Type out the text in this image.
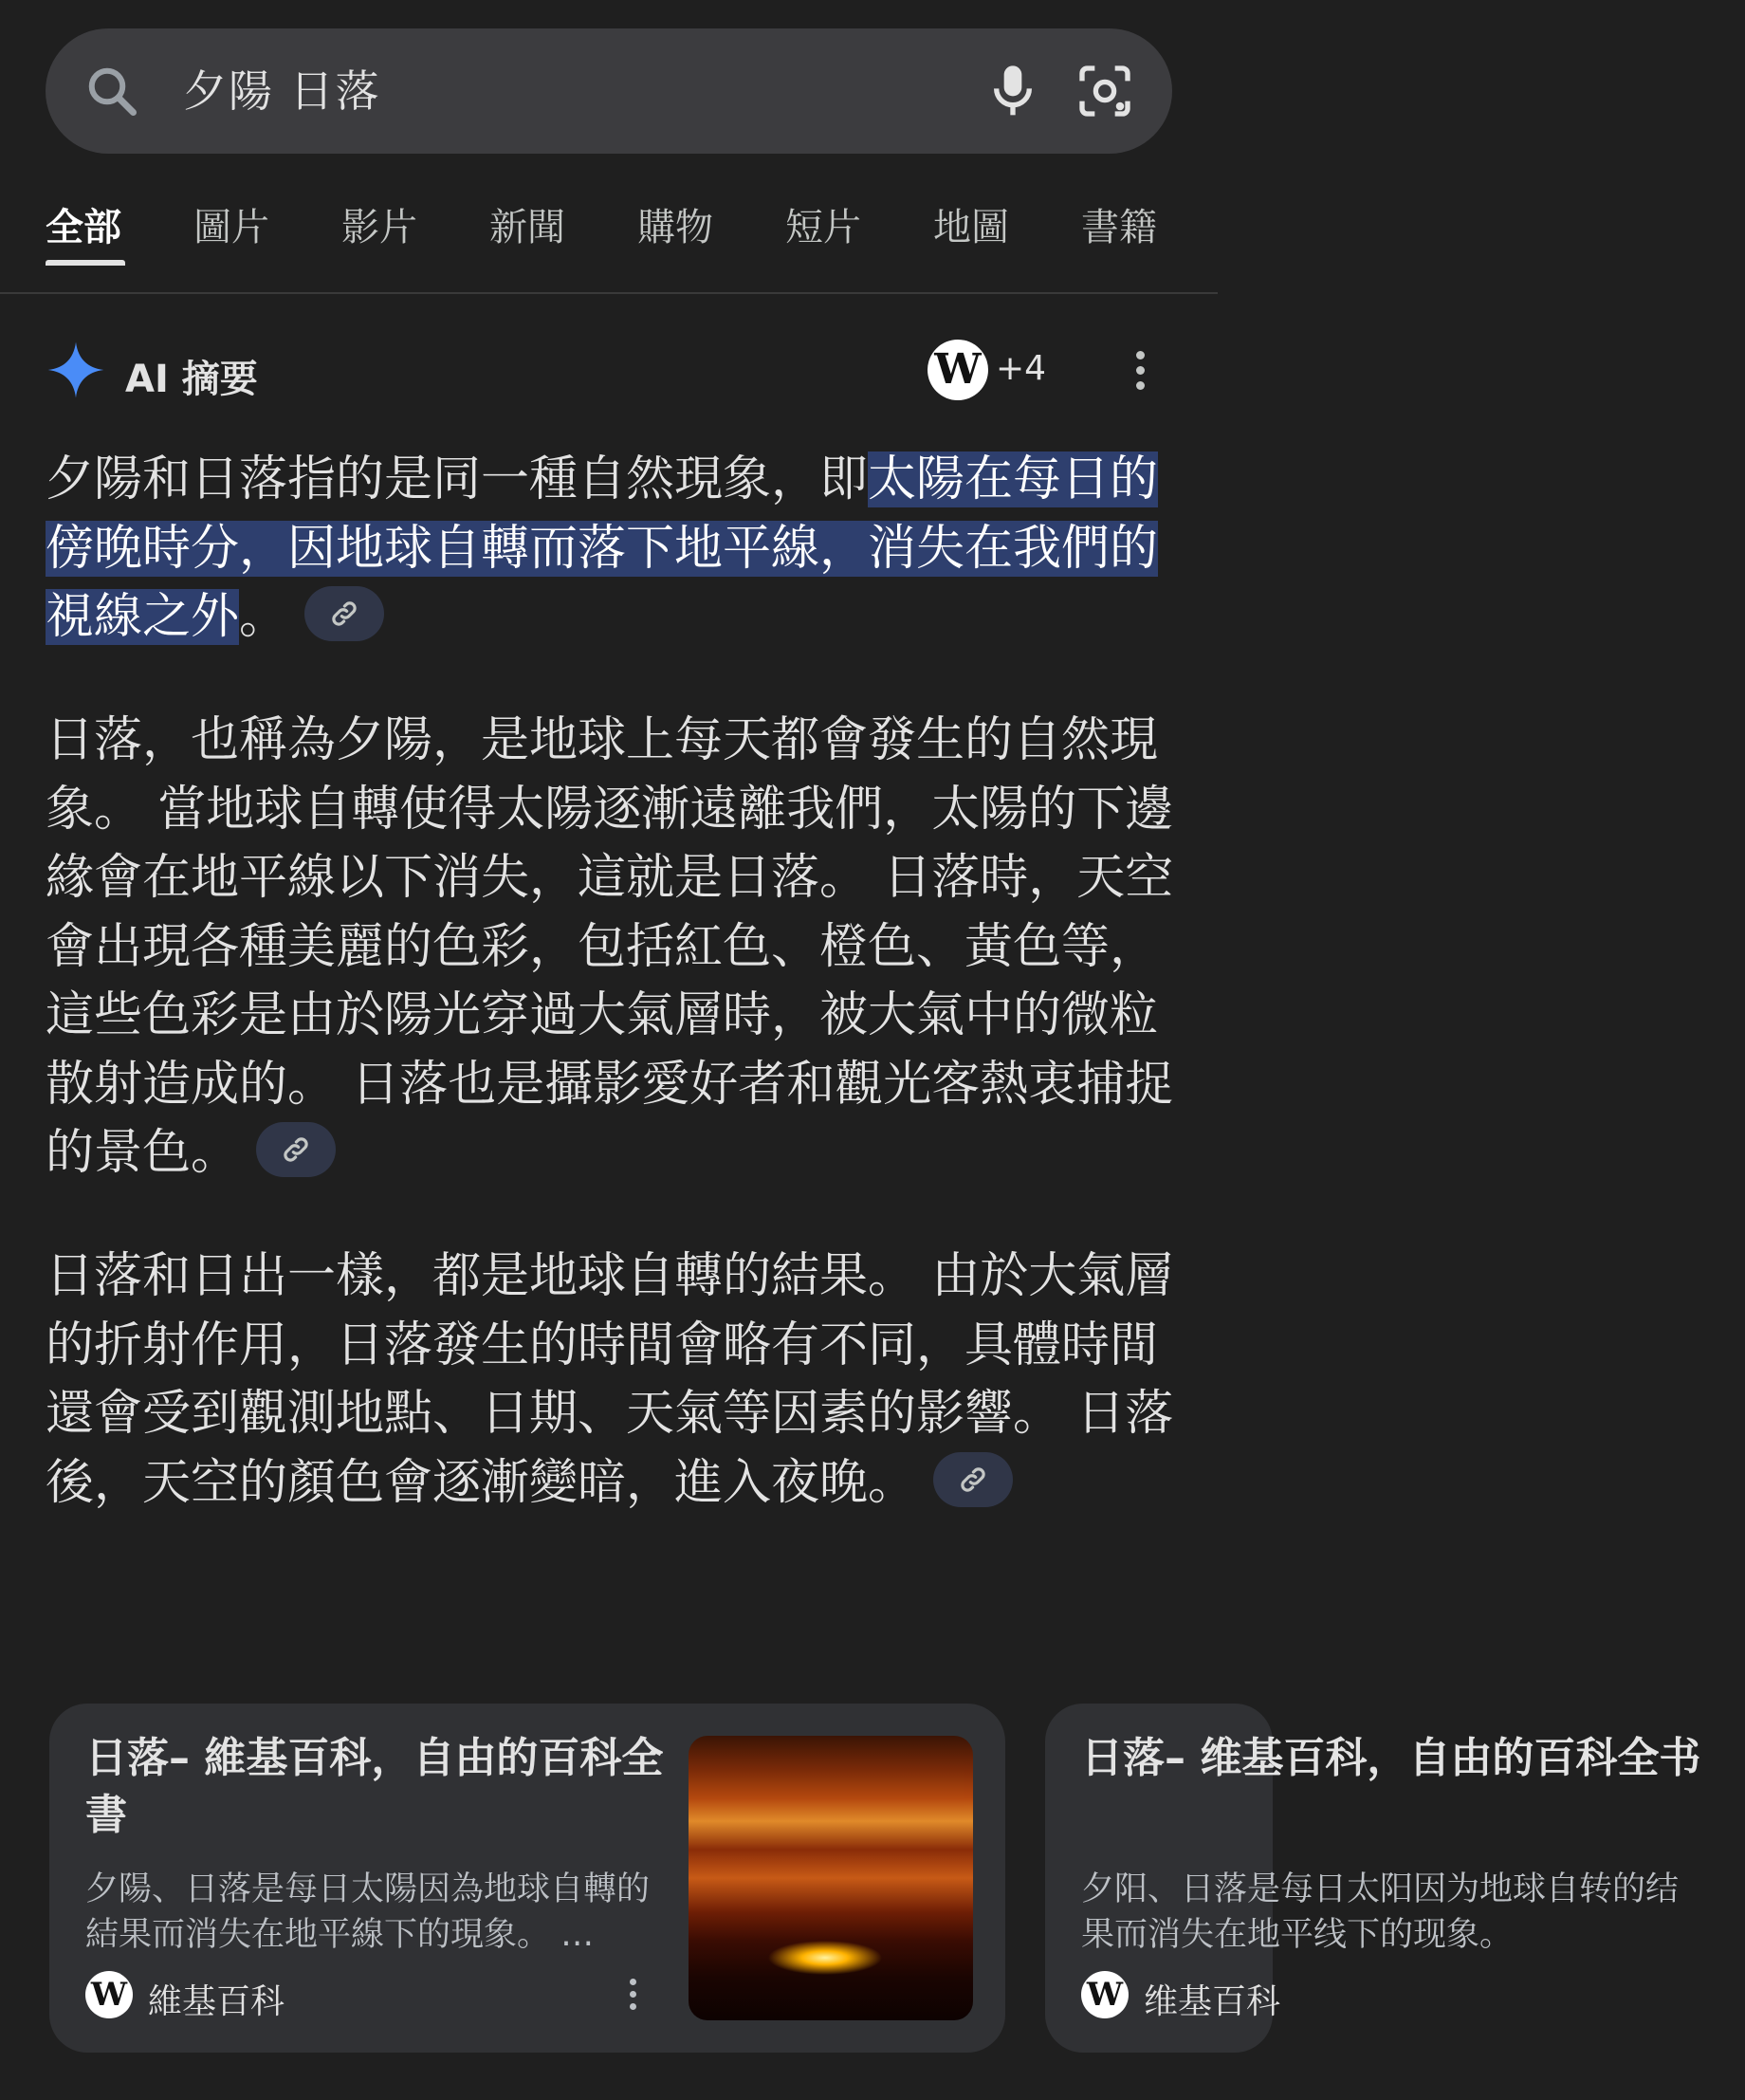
夕陽 日落
全部 圖片 影片 新聞 購物 短片 地圖 書籍
AI 摘要	W +4
夕陽和日落指的是同一種自然現象，即太陽在每日的傍晚時分，因地球自轉而落下地平線，消失在我們的視線之外。
日落，也稱為夕陽，是地球上每天都會發生的自然現象。 當地球自轉使得太陽逐漸遠離我們，太陽的下邊緣會在地平線以下消失，這就是日落。 日落時，天空會出現各種美麗的色彩，包括紅色、橙色、黃色等，這些色彩是由於陽光穿過大氣層時，被大氣中的微粒散射造成的。 日落也是攝影愛好者和觀光客熱衷捕捉的景色。
日落和日出一樣，都是地球自轉的結果。 由於大氣層的折射作用，日落發生的時間會略有不同，具體時間還會受到觀測地點、日期、天氣等因素的影響。 日落後，天空的顏色會逐漸變暗，進入夜晚。
日落– 維基百科，自由的百科全書
夕陽、日落是每日太陽因為地球自轉的結果而消失在地平線下的現象。 …
W 維基百科
日落– 维基百科，自由的百科全书
夕阳、日落是每日太阳因为地球自转的结果而消失在地平线下的现象。
W 维基百科
